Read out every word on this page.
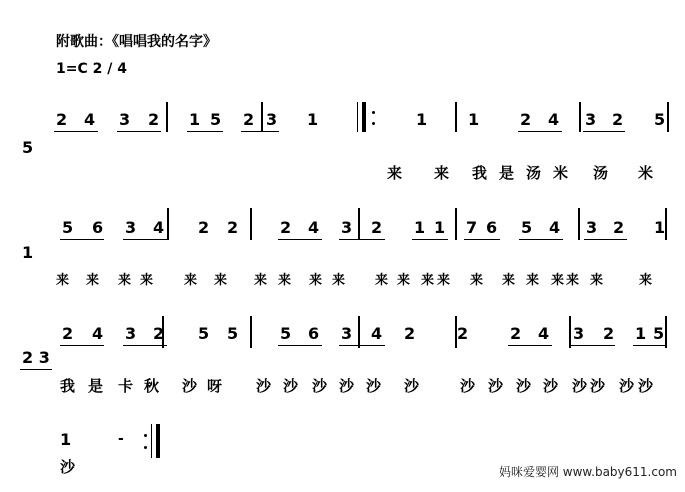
附歌曲：《唱唱我的名字》
1=C 2 / 4
5
2 4 3 2 1 5 2 3 1	1	1	2 4 3 2 5
来 来 我 是 汤 米 汤 米
1
5 6 3 4 2 2	2 4 3 2 1 1 7 6 5 4 3 2 1
来 来 来 来 来 来 来 来 来 来 来 来 来 来 来 来 来 来 来 来	来
2 3
2 4 3 2 5 5	5 6 3 4 2	2	2 4 3 2 1 5
我 是 卡 秋 沙 呀 沙 沙 沙 沙 沙 沙	沙 沙 沙 沙 沙 沙 沙 沙
1	-
沙	妈咪爱婴网 www.baby611.com
